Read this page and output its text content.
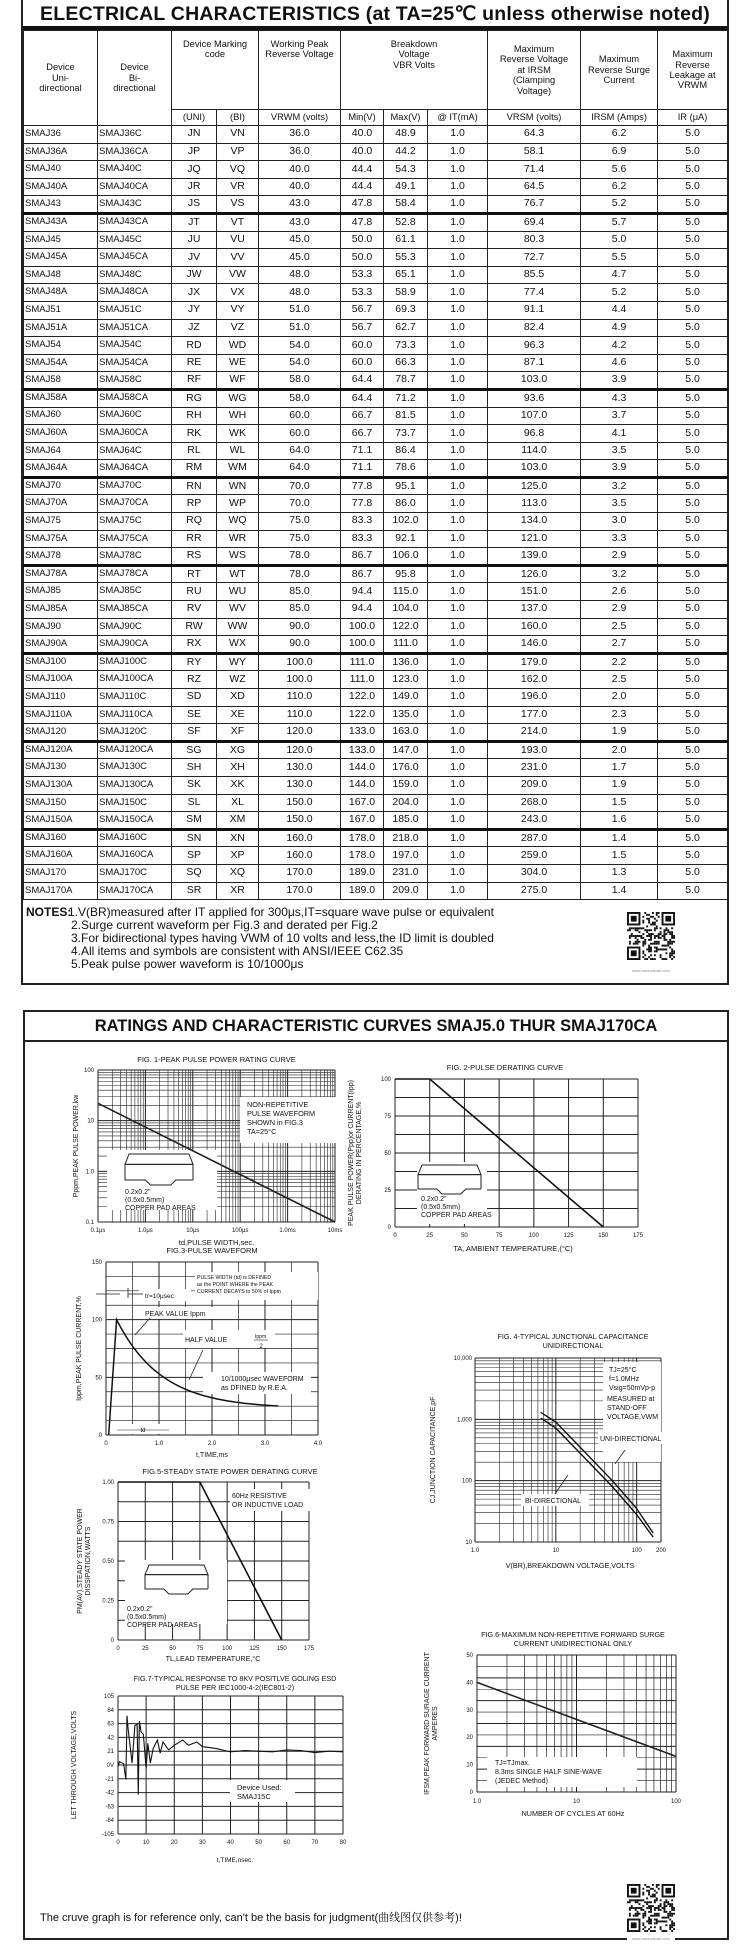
ELECTRICAL CHARACTERISTICS (at TA=25℃ unless otherwise noted)
Device
Uni-
directional	Device
Bi-
directional	Device Marking
code		Working Peak
Reverse Voltage	Breakdown
Voltage
VBR Volts			Maximum
Reverse Voltage
at IRSM
(Clamping
Voltage)	Maximum
Reverse Surge
Current	Maximum
Reverse
Leakage at
VRWM
		(UNI)	(BI)	VRWM (volts)	Min(V)	Max(V)	@ IT(mA)	VRSM (volts)	IRSM (Amps)	IR (μA)
SMAJ36	SMAJ36C	JN	VN	36.0	40.0	48.9	1.0	64.3	6.2	5.0
SMAJ36A	SMAJ36CA	JP	VP	36.0	40.0	44.2	1.0	58.1	6.9	5.0
SMAJ40	SMAJ40C	JQ	VQ	40.0	44.4	54.3	1.0	71.4	5.6	5.0
SMAJ40A	SMAJ40CA	JR	VR	40.0	44.4	49.1	1.0	64.5	6.2	5.0
SMAJ43	SMAJ43C	JS	VS	43.0	47.8	58.4	1.0	76.7	5.2	5.0
SMAJ43A	SMAJ43CA	JT	VT	43.0	47.8	52.8	1.0	69.4	5.7	5.0
SMAJ45	SMAJ45C	JU	VU	45.0	50.0	61.1	1.0	80.3	5.0	5.0
SMAJ45A	SMAJ45CA	JV	VV	45.0	50.0	55.3	1.0	72.7	5.5	5.0
SMAJ48	SMAJ48C	JW	VW	48.0	53.3	65.1	1.0	85.5	4.7	5.0
SMAJ48A	SMAJ48CA	JX	VX	48.0	53.3	58.9	1.0	77.4	5.2	5.0
SMAJ51	SMAJ51C	JY	VY	51.0	56.7	69.3	1.0	91.1	4.4	5.0
SMAJ51A	SMAJ51CA	JZ	VZ	51.0	56.7	62.7	1.0	82.4	4.9	5.0
SMAJ54	SMAJ54C	RD	WD	54.0	60.0	73.3	1.0	96.3	4.2	5.0
SMAJ54A	SMAJ54CA	RE	WE	54.0	60.0	66.3	1.0	87.1	4.6	5.0
SMAJ58	SMAJ58C	RF	WF	58.0	64.4	78.7	1.0	103.0	3.9	5.0
SMAJ58A	SMAJ58CA	RG	WG	58.0	64.4	71.2	1.0	93.6	4.3	5.0
SMAJ60	SMAJ60C	RH	WH	60.0	66.7	81.5	1.0	107.0	3.7	5.0
SMAJ60A	SMAJ60CA	RK	WK	60.0	66.7	73.7	1.0	96.8	4.1	5.0
SMAJ64	SMAJ64C	RL	WL	64.0	71.1	86.4	1.0	114.0	3.5	5.0
SMAJ64A	SMAJ64CA	RM	WM	64.0	71.1	78.6	1.0	103.0	3.9	5.0
SMAJ70	SMAJ70C	RN	WN	70.0	77.8	95.1	1.0	125.0	3.2	5.0
SMAJ70A	SMAJ70CA	RP	WP	70.0	77.8	86.0	1.0	113.0	3.5	5.0
SMAJ75	SMAJ75C	RQ	WQ	75.0	83.3	102.0	1.0	134.0	3.0	5.0
SMAJ75A	SMAJ75CA	RR	WR	75.0	83.3	92.1	1.0	121.0	3.3	5.0
SMAJ78	SMAJ78C	RS	WS	78.0	86.7	106.0	1.0	139.0	2.9	5.0
SMAJ78A	SMAJ78CA	RT	WT	78.0	86.7	95.8	1.0	126.0	3.2	5.0
SMAJ85	SMAJ85C	RU	WU	85.0	94.4	115.0	1.0	151.0	2.6	5.0
SMAJ85A	SMAJ85CA	RV	WV	85.0	94.4	104.0	1.0	137.0	2.9	5.0
SMAJ90	SMAJ90C	RW	WW	90.0	100.0	122.0	1.0	160.0	2.5	5.0
SMAJ90A	SMAJ90CA	RX	WX	90.0	100.0	111.0	1.0	146.0	2.7	5.0
SMAJ100	SMAJ100C	RY	WY	100.0	111.0	136.0	1.0	179.0	2.2	5.0
SMAJ100A	SMAJ100CA	RZ	WZ	100.0	111.0	123.0	1.0	162.0	2.5	5.0
SMAJ110	SMAJ110C	SD	XD	110.0	122.0	149.0	1.0	196.0	2.0	5.0
SMAJ110A	SMAJ110CA	SE	XE	110.0	122.0	135.0	1.0	177.0	2.3	5.0
SMAJ120	SMAJ120C	SF	XF	120.0	133.0	163.0	1.0	214.0	1.9	5.0
SMAJ120A	SMAJ120CA	SG	XG	120.0	133.0	147.0	1.0	193.0	2.0	5.0
SMAJ130	SMAJ130C	SH	XH	130.0	144.0	176.0	1.0	231.0	1.7	5.0
SMAJ130A	SMAJ130CA	SK	XK	130.0	144.0	159.0	1.0	209.0	1.9	5.0
SMAJ150	SMAJ150C	SL	XL	150.0	167.0	204.0	1.0	268.0	1.5	5.0
SMAJ150A	SMAJ150CA	SM	XM	150.0	167.0	185.0	1.0	243.0	1.6	5.0
SMAJ160	SMAJ160C	SN	XN	160.0	178.0	218.0	1.0	287.0	1.4	5.0
SMAJ160A	SMAJ160CA	SP	XP	160.0	178.0	197.0	1.0	259.0	1.5	5.0
SMAJ170	SMAJ170C	SQ	XQ	170.0	189.0	231.0	1.0	304.0	1.3	5.0
SMAJ170A	SMAJ170CA	SR	XR	170.0	189.0	209.0	1.0	275.0	1.4	5.0
NOTES:
1.V(BR)measured after IT applied for 300μs,IT=square wave pulse or equivalent
2.Surge current waveform per Fig.3 and derated per Fig.2
3.For bidirectional types having VWM of 10 volts and less,the ID limit is doubled
4.All items and symbols are consistent with ANSI/IEEE C62.35
5.Peak pulse power waveform is 10/1000μs	www.microdiode.com
RATINGS AND CHARACTERISTIC CURVES SMAJ5.0 THUR SMAJ170CA
FIG. 1-PEAK PULSE POWER RATING CURVE
NON-REPETITIVE
PULSE WAVEFORM
SHOWN in FIG.3
TA=25°C
0.2x0.2"
(0.5x0.5mm)
COPPER PAD AREAS
0.1μs	1.0μs	10μs	100μs	1.0ms	10ms
0.1
1.0
10
100
td,PULSE WIDTH,sec.
Pppm,PEAK PULSE POWER,kw
FIG. 2-PULSE DERATING CURVE
0.2x0.2"
(0.5x0.5mm)
COPPER PAD AREAS
0	25	50	75	100	125	150	175
0
25
50
75
100
TA, AMBIENT TEMPERATURE,(°C)
PEAK PULSE POWER(Ppp)or CURRENT(Ipp) DERATING IN PERCENTAGE,%
FIG.3-PULSE WAVEFORM
PULSE WIDTH (td) is DEFINED
as the POINT WHERE the PEAK
CURRENT DECAYS to 50% of Ippm
tr=10μsec
PEAK VALUE Ippm
HALF VALUE	Ippm
2
10/1000μsec WAVEFORM
as DFINED by R.E.A.
td
0	1.0	2.0	3.0	4.0
0
50
100
150
t,TIME,ms
Ippm,PEAK PULSE CURRENT,%	FIG. 4-TYPICAL JUNCTIONAL CAPACITANCE
UNIDIRECTIONAL
TJ=25°C
f=1.0MHz
Vsig=50mVp-p
MEASURED at
STAND-OFF
VOLTAGE,VWM
UNI-DIRECTIONAL
BI-DIRECTIONAL
1.0	10	100 200
10
100
1,000
10,000
V(BR),BREAKDOWN VOLTAGE,VOLTS
CJ,JUNCTION CAPACITANCE,pF
FIG.5-STEADY STATE POWER DERATING CURVE
60Hz RESISTIVE
OR INDUCTIVE LOAD
0.2x0.2"
(0.5x0.5mm)
COPPER PAD AREAS
0	25	50	75	100	125	150	175
0
0.25
0.50
0.75
1.00
TL,LEAD TEMPERATURE,°C
PM(AV),STEADY STATE POWER DISSIPATION,WATTS
FIG.6-MAXIMUM NON-REPETITIVE FORWARD SURGE
CURRENT UNIDIRECTIONAL ONLY
TJ=TJmax.
8.3ms SINGLE HALF SINE-WAVE
(JEDEC Method)
1.0	10	100
0
10
20
30
40
50
NUMBER OF CYCLES AT 60Hz
IFSM,PEAK FORWARD SURAGE CURRENT AMPERES
FIG.7-TYPICAL RESPONSE TO 8KV POSITLVE GOLING ESD
PULSE PER IEC1000-4-2(IEC801-2)
Device Used:
SMAJ15C
0	10	20	30	40	50	60	70	80
105
84
63
42
21
0V
-21
-42
-63
-84
-105
t,TIME,nsec.
LET THROUGH VOLTAGE,VOLTS
The cruve graph is for reference only, can't be the basis for judgment(曲线图仅供参考)!
www.microdiode.com
